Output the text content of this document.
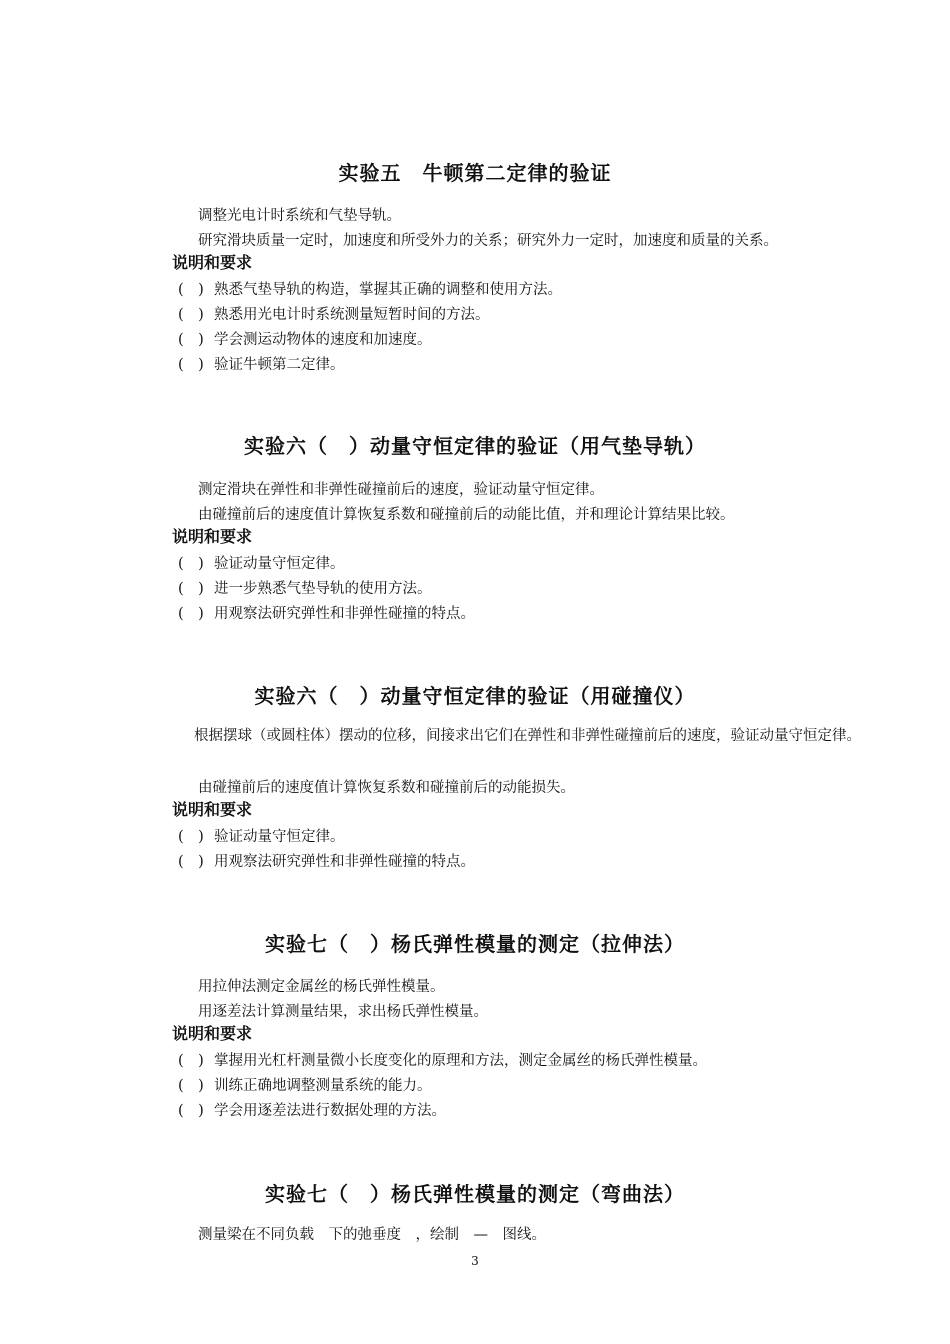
实验五　牛顿第二定律的验证
调整光电计时系统和气垫导轨。
研究滑块质量一定时，加速度和所受外力的关系；研究外力一定时，加速度和质量的关系。
说明和要求
(　) 熟悉气垫导轨的构造，掌握其正确的调整和使用方法。
(　) 熟悉用光电计时系统测量短暂时间的方法。
(　) 学会测运动物体的速度和加速度。
(　) 验证牛顿第二定律。
实验六（　）动量守恒定律的验证（用气垫导轨）
测定滑块在弹性和非弹性碰撞前后的速度，验证动量守恒定律。
由碰撞前后的速度值计算恢复系数和碰撞前后的动能比值，并和理论计算结果比较。
说明和要求
(　) 验证动量守恒定律。
(　) 进一步熟悉气垫导轨的使用方法。
(　) 用观察法研究弹性和非弹性碰撞的特点。
实验六（　）动量守恒定律的验证（用碰撞仪）
根据摆球（或圆柱体）摆动的位移，间接求出它们在弹性和非弹性碰撞前后的速度，验证动量守恒定律。
由碰撞前后的速度值计算恢复系数和碰撞前后的动能损失。
说明和要求
(　) 验证动量守恒定律。
(　) 用观察法研究弹性和非弹性碰撞的特点。
实验七（　）杨氏弹性模量的测定（拉伸法）
用拉伸法测定金属丝的杨氏弹性模量。
用逐差法计算测量结果，求出杨氏弹性模量。
说明和要求
(　) 掌握用光杠杆测量微小长度变化的原理和方法，测定金属丝的杨氏弹性模量。
(　) 训练正确地调整测量系统的能力。
(　) 学会用逐差法进行数据处理的方法。
实验七（　）杨氏弹性模量的测定（弯曲法）
测量梁在不同负载　下的弛垂度　，绘制　—　图线。
3
